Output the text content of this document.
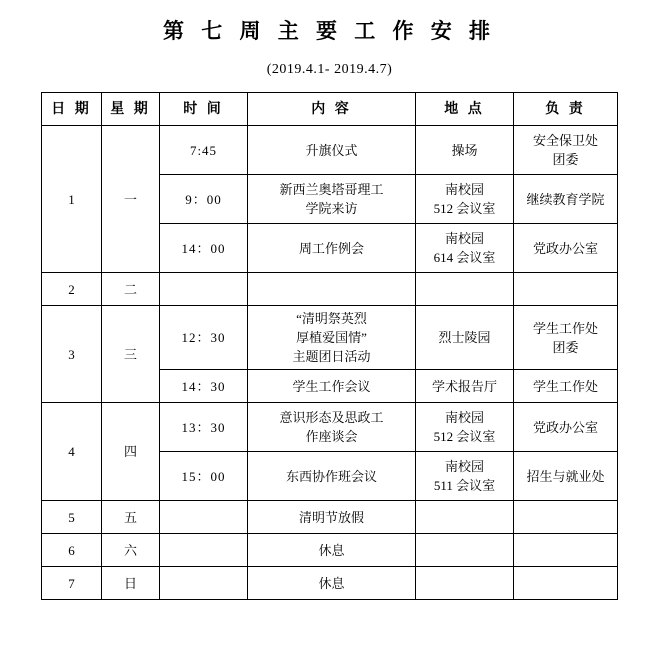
第 七 周 主 要 工 作 安 排
(2019.4.1- 2019.4.7)
日 期	星 期	时 间	内 容	地 点	负 责

1	一	7:45	升旗仪式	操场	安全保卫处
团委

		9：00	新西兰奥塔哥理工
学院来访	南校园
512 会议室	继续教育学院

		14：00	周工作例会	南校园
614 会议室	党政办公室

2	二				

3	三	12：30	“清明祭英烈
厚植爱国情”
主题团日活动	烈士陵园	学生工作处
团委

		14：30	学生工作会议	学术报告厅	学生工作处

4	四	13：30	意识形态及思政工
作座谈会	南校园
512 会议室	党政办公室

		15：00	东西协作班会议	南校园
511 会议室	招生与就业处

5	五		清明节放假		

6	六		休息		

7	日		休息		
